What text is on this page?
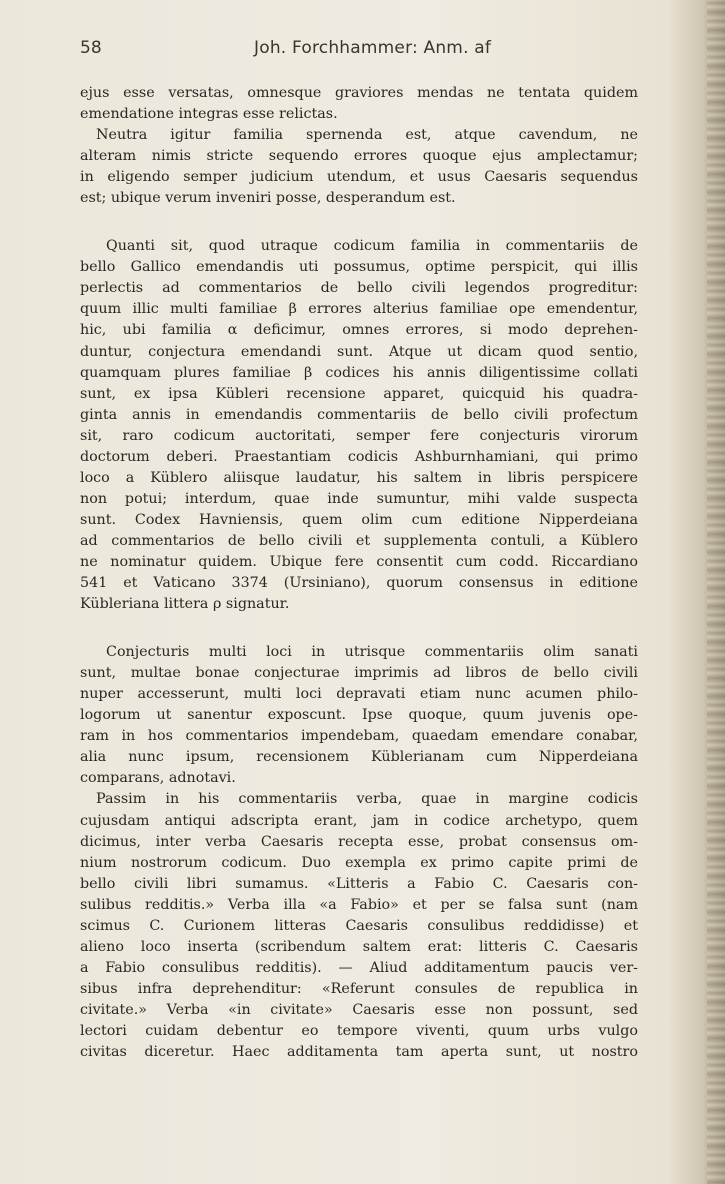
58	Joh. Forchhammer: Anm. af

ejus esse versatas, omnesque graviores mendas ne tentata quidem
emendatione integras esse relictas.

Neutra igitur familia spernenda est, atque cavendum, ne
alteram nimis stricte sequendo errores quoque ejus amplectamur;
in eligendo semper judicium utendum, et usus Caesaris sequendus
est; ubique verum inveniri posse, desperandum est.

Quanti sit, quod utraque codicum familia in commentariis de
bello Gallico emendandis uti possumus, optime perspicit, qui illis
perlectis ad commentarios de bello civili legendos progreditur:
quum illic multi familiae β errores alterius familiae ope emendentur,
hic, ubi familia α deficimur, omnes errores, si modo deprehen-
duntur, conjectura emendandi sunt. Atque ut dicam quod sentio,
quamquam plures familiae β codices his annis diligentissime collati
sunt, ex ipsa Kübleri recensione apparet, quicquid his quadra-
ginta annis in emendandis commentariis de bello civili profectum
sit, raro codicum auctoritati, semper fere conjecturis virorum
doctorum deberi. Praestantiam codicis Ashburnhamiani, qui primo
loco a Küblero aliisque laudatur, his saltem in libris perspicere
non potui; interdum, quae inde sumuntur, mihi valde suspecta
sunt. Codex Havniensis, quem olim cum editione Nipperdeiana
ad commentarios de bello civili et supplementa contuli, a Küblero
ne nominatur quidem. Ubique fere consentit cum codd. Riccardiano
541 et Vaticano 3374 (Ursiniano), quorum consensus in editione
Kübleriana littera ρ signatur.

Conjecturis multi loci in utrisque commentariis olim sanati
sunt, multae bonae conjecturae imprimis ad libros de bello civili
nuper accesserunt, multi loci depravati etiam nunc acumen philo-
logorum ut sanentur exposcunt. Ipse quoque, quum juvenis ope-
ram in hos commentarios impendebam, quaedam emendare conabar,
alia nunc ipsum, recensionem Küblerianam cum Nipperdeiana
comparans, adnotavi.

Passim in his commentariis verba, quae in margine codicis
cujusdam antiqui adscripta erant, jam in codice archetypo, quem
dicimus, inter verba Caesaris recepta esse, probat consensus om-
nium nostrorum codicum. Duo exempla ex primo capite primi de
bello civili libri sumamus. «Litteris a Fabio C. Caesaris con-
sulibus redditis.» Verba illa «a Fabio» et per se falsa sunt (nam
scimus C. Curionem litteras Caesaris consulibus reddidisse) et
alieno loco inserta (scribendum saltem erat: litteris C. Caesaris
a Fabio consulibus redditis). — Aliud additamentum paucis ver-
sibus infra deprehenditur: «Referunt consules de republica in
civitate.» Verba «in civitate» Caesaris esse non possunt, sed
lectori cuidam debentur eo tempore viventi, quum urbs vulgo
civitas diceretur. Haec additamenta tam aperta sunt, ut nostro
